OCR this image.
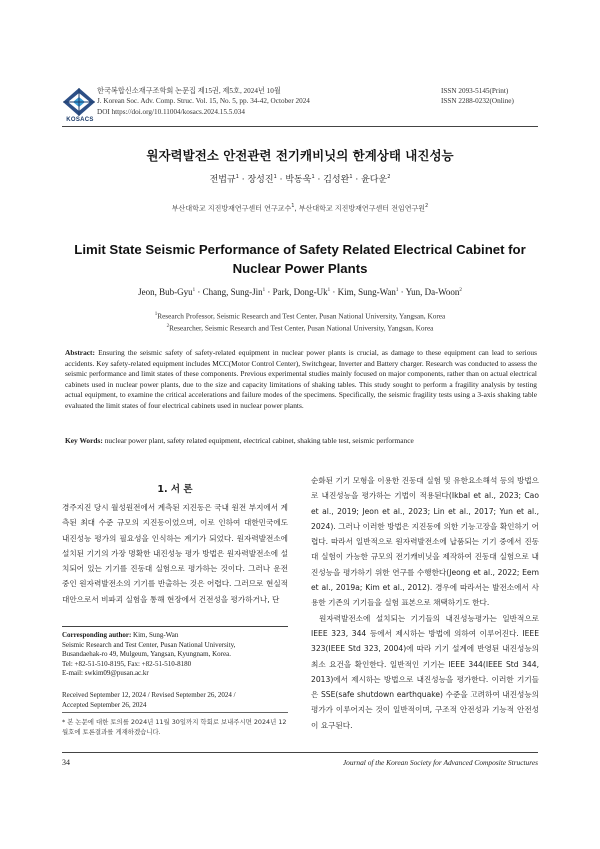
KOSACS
한국복합신소재구조학회 논문집 제15권, 제5호, 2024년 10월
J. Korean Soc. Adv. Comp. Struc. Vol. 15, No. 5, pp. 34-42, October 2024
DOI https://doi.org/10.11004/kosacs.2024.15.5.034
ISSN 2093-5145(Print)
ISSN 2288-0232(Online)
원자력발전소 안전관련 전기캐비닛의 한계상태 내진성능
전법규$^1$ · 장성진$^1$ · 박동욱$^1$ · 김성완$^1$ · 윤다운$^2$
부산대학교 지진방재연구센터 연구교수$^1$, 부산대학교 지진방재연구센터 전임연구원$^2$
Limit State Seismic Performance of Safety Related Electrical Cabinet for Nuclear Power Plants
Jeon, Bub-Gyu$^1$ · Chang, Sung-Jin$^1$ · Park, Dong-$Uk^1$ · Kim, Sung-Wan$^1$ · Yun, Da-Woon$^2$
$^1$Research Professor, Seismic Research and Test Center, Pusan National University, Yangsan, Korea
$^2$Researcher, Seismic Research and Test Center, Pusan National University, Yangsan, Korea
Abstract: Ensuring the seismic safety of safety-related equipment in nuclear power plants is crucial, as damage to these equipment can lead to serious accidents. Key safety-related equipment includes MCC(Motor Control Center), Switchgear, Inverter and Battery charger. Research was conducted to assess the seismic performance and limit states of these components. Previous experimental studies mainly focused on major components, rather than on actual electrical cabinets used in nuclear power plants, due to the size and capacity limitations of shaking tables. This study sought to perform a fragility analysis by testing actual equipment, to examine the critical accelerations and failure modes of the specimens. Specifically, the seismic fragility tests using a 3-axis shaking table evaluated the limit states of four electrical cabinets used in nuclear power plants.
Key Words: nuclear power plant, safety related equipment, electrical cabinet, shaking table test, seismic performance
1. 서 론
경주지진 당시 월성원전에서 계측된 지진동은 국내 원전 부지에서 계측된 최대 수준 규모의 지진동이었으며, 이로 인하여 대한민국에도 내진성능 평가의 필요성을 인식하는 계기가 되었다. 원자력발전소에 설치된 기기의 가장 명확한 내진성능 평가 방법은 원자력발전소에 설치되어 있는 기기를 진동대 실험으로 평가하는 것이다. 그러나 운전 중인 원자력발전소의 기기를 반출하는 것은 어렵다. 그러므로 현실적 대안으로서 비파괴 실험을 통해 현장에서 건전성을 평가하거나, 단
Corresponding author: Kim, Sung-Wan
Seismic Research and Test Center, Pusan National University,
Busandaehak-ro 49, Mulgeum, Yangsan, Kyungnam, Korea.
Tel: +82-51-510-8195, Fax: +82-51-510-8180
E-mail: swkim09@pusan.ac.kr
Received September 12, 2024 / Revised September 26, 2024 /
Accepted September 26, 2024
* 본 논문에 대한 토의를 2024년 11월 30일까지 학회로 보내주시면 2024년 12월호에 토론결과를 게재하겠습니다.

순화된 기기 모형을 이용한 진동대 실험 및 유한요소해석 등의 방법으로 내진성능을 평가하는 기법이 적용된다(Ikbal et al., 2023; Cao et al., 2019; Jeon et al., 2023; Lin et al., 2017; Yun et al., 2024). 그러나 이러한 방법은 지진동에 의한 기능고장을 확인하기 어렵다. 따라서 일반적으로 원자력발전소에 납품되는 기기 중에서 진동대 실험이 가능한 규모의 전기캐비닛을 제작하여 진동대 실험으로 내진성능을 평가하기 위한 연구를 수행한다(Jeong et al., 2022; Eem et al., 2019a; Kim et al., 2012). 경우에 따라서는 발전소에서 사용한 기존의 기기들을 실험 표본으로 채택하기도 한다.

원자력발전소에 설치되는 기기들의 내진성능평가는 일반적으로 IEEE 323, 344 등에서 제시하는 방법에 의하여 이루어진다. IEEE 323(IEEE Std 323, 2004)에 따라 기기 설계에 반영된 내진성능의 최소 요건을 확인한다. 일반적인 기기는 IEEE 344(IEEE Std 344, 2013)에서 제시하는 방법으로 내진성능을 평가한다. 이러한 기기들은 SSE(safe shutdown earthquake) 수준을 고려하여 내진성능의 평가가 이루어지는 것이 일반적이며, 구조적 안전성과 기능적 안전성이 요구된다.

34	Journal of the Korean Society for Advanced Composite Structures
